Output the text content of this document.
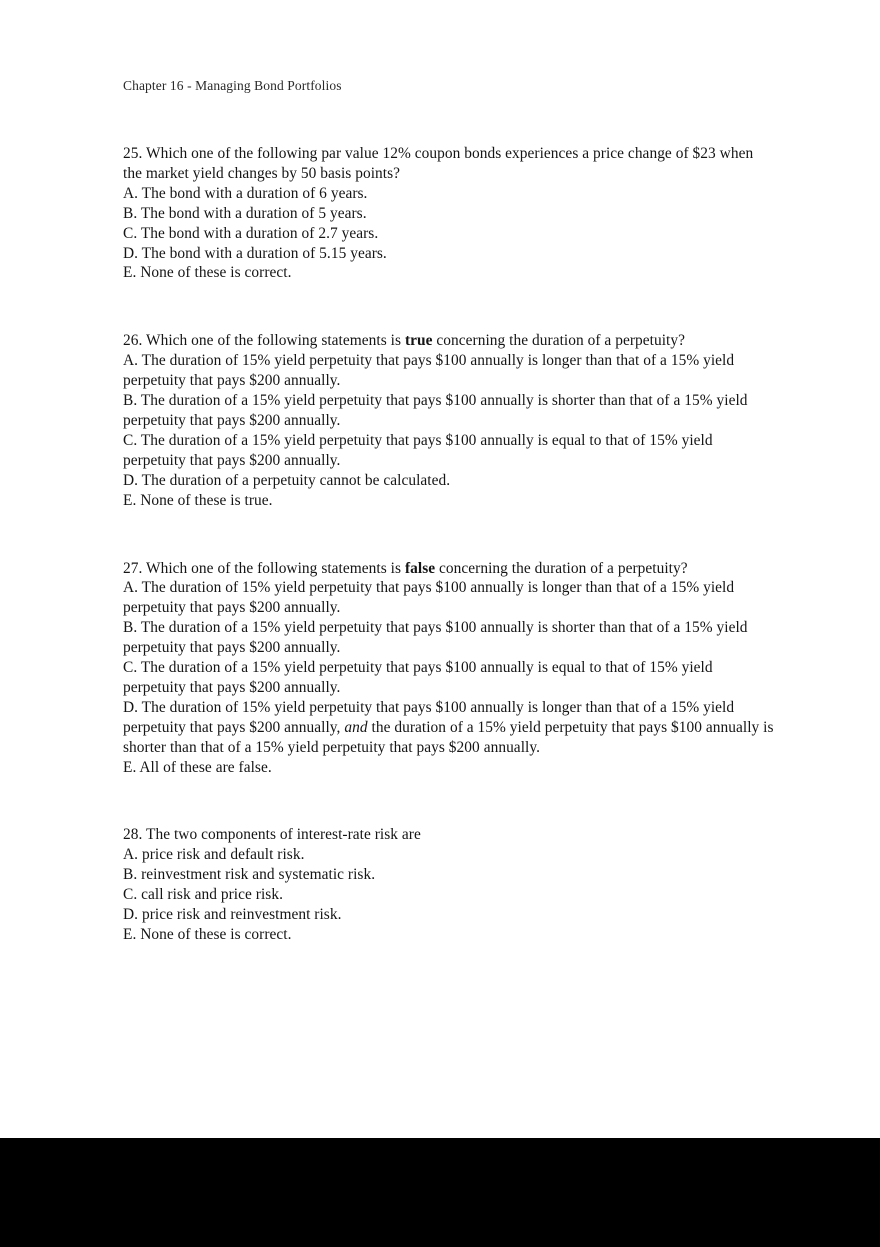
Chapter 16 - Managing Bond Portfolios
25. Which one of the following par value 12% coupon bonds experiences a price change of $23 when the market yield changes by 50 basis points?
A. The bond with a duration of 6 years.
B. The bond with a duration of 5 years.
C. The bond with a duration of 2.7 years.
D. The bond with a duration of 5.15 years.
E. None of these is correct.
26. Which one of the following statements is true concerning the duration of a perpetuity?
A. The duration of 15% yield perpetuity that pays $100 annually is longer than that of a 15% yield perpetuity that pays $200 annually.
B. The duration of a 15% yield perpetuity that pays $100 annually is shorter than that of a 15% yield perpetuity that pays $200 annually.
C. The duration of a 15% yield perpetuity that pays $100 annually is equal to that of 15% yield perpetuity that pays $200 annually.
D. The duration of a perpetuity cannot be calculated.
E. None of these is true.
27. Which one of the following statements is false concerning the duration of a perpetuity?
A. The duration of 15% yield perpetuity that pays $100 annually is longer than that of a 15% yield perpetuity that pays $200 annually.
B. The duration of a 15% yield perpetuity that pays $100 annually is shorter than that of a 15% yield perpetuity that pays $200 annually.
C. The duration of a 15% yield perpetuity that pays $100 annually is equal to that of 15% yield perpetuity that pays $200 annually.
D. The duration of 15% yield perpetuity that pays $100 annually is longer than that of a 15% yield perpetuity that pays $200 annually, and the duration of a 15% yield perpetuity that pays $100 annually is shorter than that of a 15% yield perpetuity that pays $200 annually.
E. All of these are false.
28. The two components of interest-rate risk are
A. price risk and default risk.
B. reinvestment risk and systematic risk.
C. call risk and price risk.
D. price risk and reinvestment risk.
E. None of these is correct.
